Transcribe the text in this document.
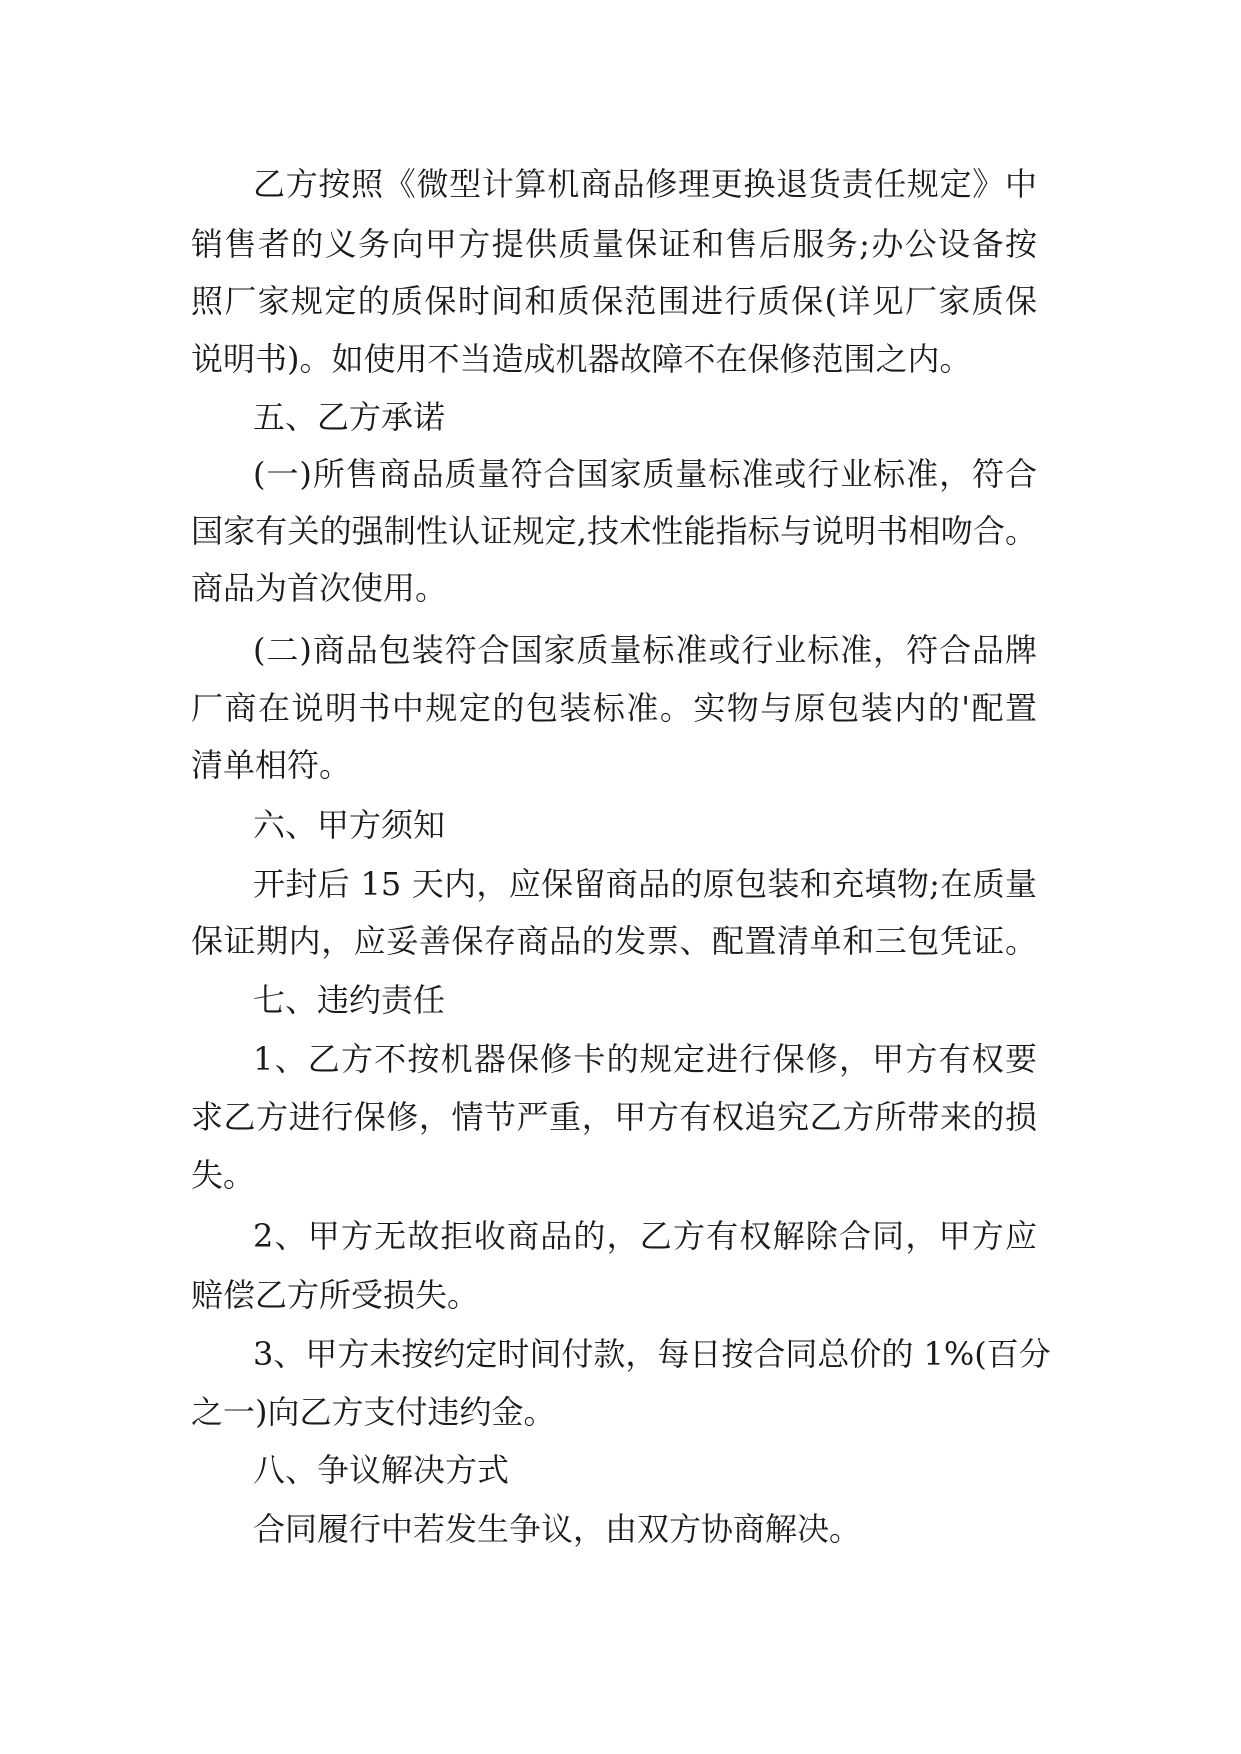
乙方按照《微型计算机商品修理更换退货责任规定》中

销售者的义务向甲方提供质量保证和售后服务;办公设备按

照厂家规定的质保时间和质保范围进行质保(详见厂家质保

说明书)。如使用不当造成机器故障不在保修范围之内。

五、乙方承诺

(一)所售商品质量符合国家质量标准或行业标准，符合

国家有关的强制性认证规定,技术性能指标与说明书相吻合。

商品为首次使用。

(二)商品包装符合国家质量标准或行业标准，符合品牌

厂商在说明书中规定的包装标准。实物与原包装内的'配置

清单相符。

六、甲方须知

开封后 15 天内，应保留商品的原包装和充填物;在质量

保证期内，应妥善保存商品的发票、配置清单和三包凭证。

七、违约责任

1、乙方不按机器保修卡的规定进行保修，甲方有权要

求乙方进行保修，情节严重，甲方有权追究乙方所带来的损

失。

2、甲方无故拒收商品的，乙方有权解除合同，甲方应

赔偿乙方所受损失。

3、甲方未按约定时间付款，每日按合同总价的 1%(百分

之一)向乙方支付违约金。

八、争议解决方式

合同履行中若发生争议，由双方协商解决。
